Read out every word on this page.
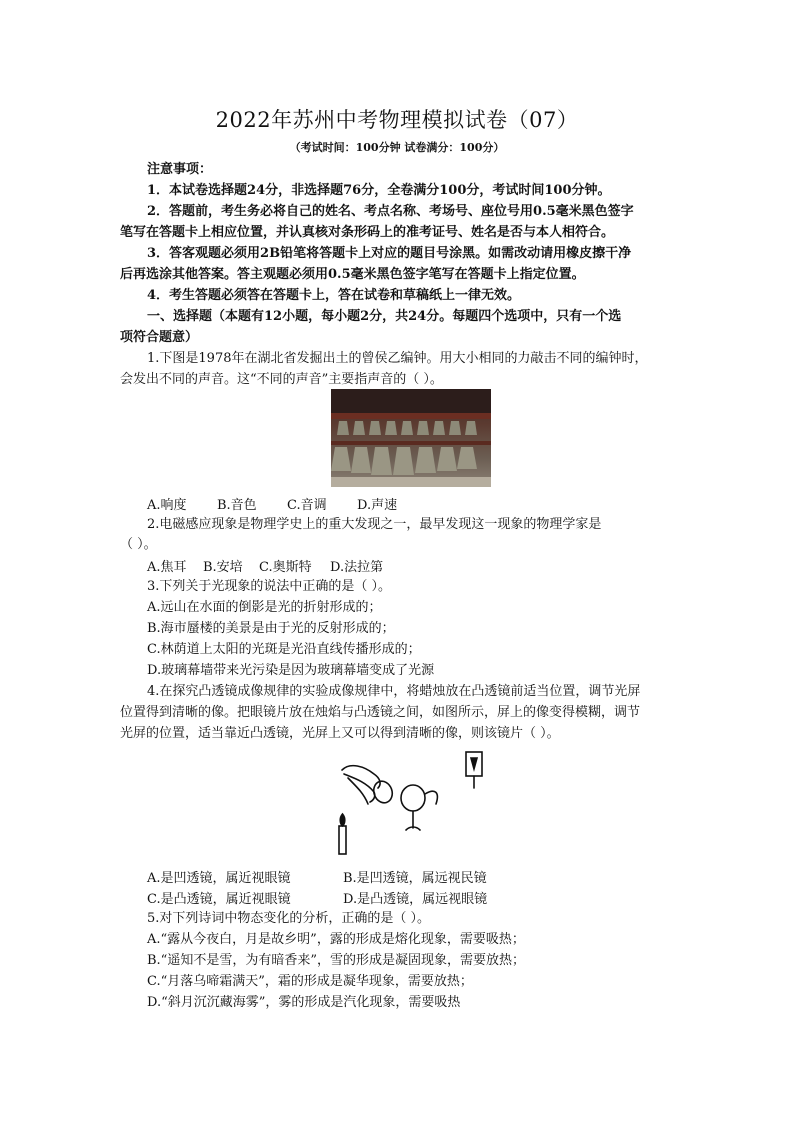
2022年苏州中考物理模拟试卷（07）
（考试时间：100分钟 试卷满分：100分）
注意事项：
1．本试卷选择题24分，非选择题76分，全卷满分100分，考试时间100分钟。
2．答题前，考生务必将自己的姓名、考点名称、考场号、座位号用0.5毫米黑色签字
笔写在答题卡上相应位置，并认真核对条形码上的准考证号、姓名是否与本人相符合。
3．答客观题必须用2B铅笔将答题卡上对应的题目号涂黑。如需改动请用橡皮擦干净
后再选涂其他答案。答主观题必须用0.5毫米黑色签字笔写在答题卡上指定位置。
4．考生答题必须答在答题卡上，答在试卷和草稿纸上一律无效。
一、选择题（本题有12小题，每小题2分，共24分。每题四个选项中，只有一个选
项符合题意）
1.下图是1978年在湖北省发掘出土的曾侯乙编钟。用大小相同的力敲击不同的编钟时，
会发出不同的声音。这“不同的声音”主要指声音的（ ）。
A.响度 B.音色 C.音调 D.声速
2.电磁感应现象是物理学史上的重大发现之一，最早发现这一现象的物理学家是
（ ）。
A.焦耳 B.安培 C.奥斯特 D.法拉第
3.下列关于光现象的说法中正确的是（ ）。
A.远山在水面的倒影是光的折射形成的；
B.海市蜃楼的美景是由于光的反射形成的；
C.林荫道上太阳的光斑是光沿直线传播形成的；
D.玻璃幕墙带来光污染是因为玻璃幕墙变成了光源
4.在探究凸透镜成像规律的实验成像规律中，将蜡烛放在凸透镜前适当位置，调节光屏
位置得到清晰的像。把眼镜片放在烛焰与凸透镜之间，如图所示，屏上的像变得模糊，调节
光屏的位置，适当靠近凸透镜，光屏上又可以得到清晰的像，则该镜片（ ）。
A.是凹透镜，属近视眼镜	B.是凹透镜，属远视民镜
C.是凸透镜，属近视眼镜	D.是凸透镜，属远视眼镜
5.对下列诗词中物态变化的分析，正确的是（ ）。
A.“露从今夜白，月是故乡明”，露的形成是熔化现象，需要吸热；
B.“遥知不是雪，为有暗香来”，雪的形成是凝固现象，需要放热；
C.“月落乌啼霜满天”，霜的形成是凝华现象，需要放热；
D.“斜月沉沉藏海雾”，雾的形成是汽化现象，需要吸热
